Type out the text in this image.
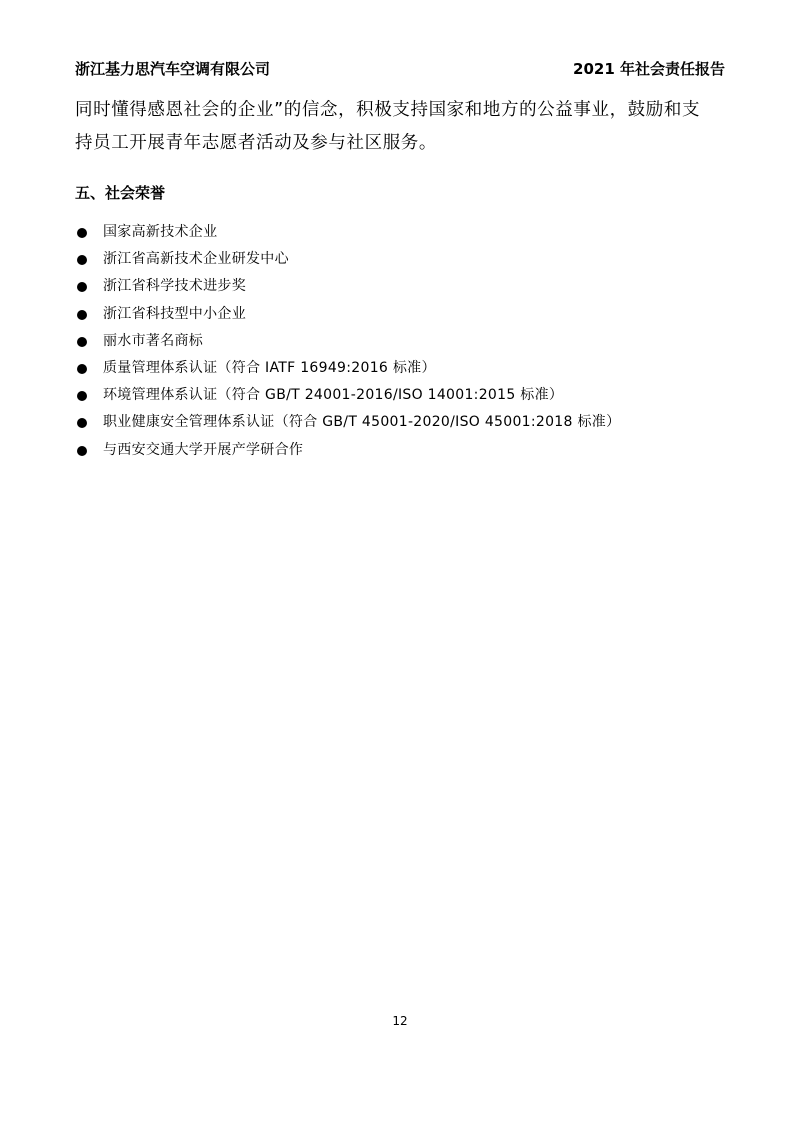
浙江基力思汽车空调有限公司	2021 年社会责任报告
同时懂得感恩社会的企业”的信念，积极支持国家和地方的公益事业，鼓励和支
持员工开展青年志愿者活动及参与社区服务。
五、社会荣誉
国家高新技术企业
浙江省高新技术企业研发中心
浙江省科学技术进步奖
浙江省科技型中小企业
丽水市著名商标
质量管理体系认证（符合 IATF 16949:2016 标准）
环境管理体系认证（符合 GB/T 24001-2016/ISO 14001:2015 标准）
职业健康安全管理体系认证（符合 GB/T 45001-2020/ISO 45001:2018 标准）
与西安交通大学开展产学研合作
12
